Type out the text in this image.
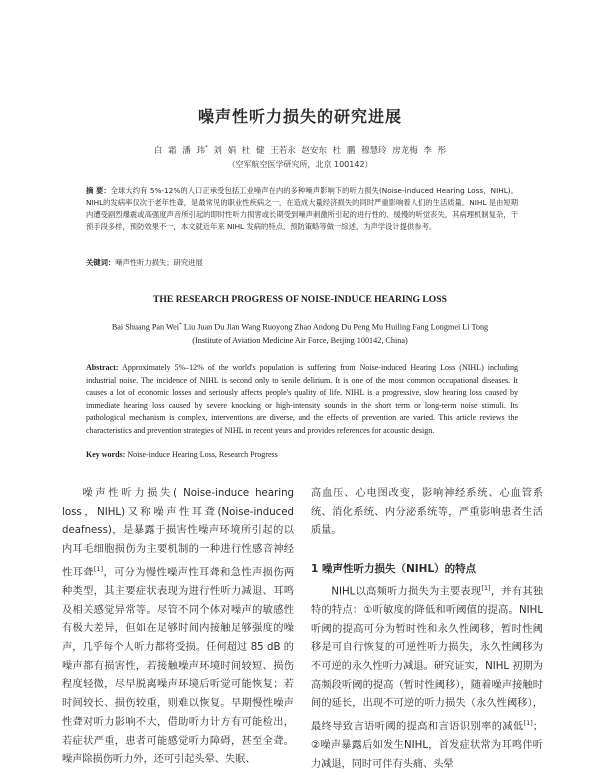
噪声性听力损失的研究进展
白 霜 潘 玮* 刘 娟 杜 健 王若永 赵安东 杜 鹏 穆慧玲 房龙梅 李 彤
（空军航空医学研究所，北京 100142）
摘 要：全球大约有 5%-12%的人口正承受包括工业噪声在内的多种噪声影响下的听力损失(Noise-induced Hearing Loss，NIHL)。NIHL的发病率仅次于老年性聋，是最常见的职业性疾病之一，在造成大量经济损失的同时严重影响着人们的生活质量。NIHL 是由短期内遭受剧烈爆震或高强度声音所引起的即时性听力损害或长期受到噪声刺激所引起的进行性的、缓慢的听觉丧失，其病理机制复杂，干预手段多样，预防效果不一，本文就近年来 NIHL 发病的特点、预防策略等做一综述，为声学设计提供参考。
关键词：噪声性听力损失；研究进展
THE RESEARCH PROGRESS OF NOISE-INDUCE HEARING LOSS
Bai Shuang Pan Wei* Liu Juan Du Jian Wang Ruoyong Zhao Andong Du Peng Mu Huiling Fang Longmei Li Tong
(Institute of Aviation Medicine Air Force, Beijing 100142, China)
Abstract: Approximately 5%–12% of the world's population is suffering from Noise-induced Hearing Loss (NIHL) including industrial noise. The incidence of NIHL is second only to senile delirium. It is one of the most common occupational diseases. It causes a lot of economic losses and seriously affects people's quality of life. NIHL is a progressive, slow hearing loss caused by immediate hearing loss caused by severe knocking or high-intensity sounds in the short term or long-term noise stimuli. Its pathological mechanism is complex, interventions are diverse, and the effects of prevention are varied. This article reviews the characteristics and prevention strategies of NIHL in recent years and provides references for acoustic design.
Key words: Noise-induce Hearing Loss, Research Progress

噪声性听力损失( Noise-induce hearing loss，NIHL)又称噪声性耳聋(Noise-induced deafness)，是暴露于损害性噪声环境所引起的以内耳毛细胞损伤为主要机制的一种进行性感音神经性耳聋[1]，可分为慢性噪声性耳聋和急性声损伤两种类型，其主要症状表现为进行性听力减退、耳鸣及相关感觉异常等。尽管不同个体对噪声的敏感性有极大差异，但如在足够时间内接触足够强度的噪声，几乎每个人听力都将受损。任何超过 85 dB 的噪声都有损害性，若接触噪声环境时间较短、损伤程度轻微，尽早脱离噪声环境后听觉可能恢复；若时间较长、损伤较重，则难以恢复。早期慢性噪声性聋对听力影响不大，借助听力计方有可能检出，若症状严重，患者可能感觉听力障碍，甚至全聋。噪声除损伤听力外，还可引起头晕、失眠、

高血压、心电图改变，影响神经系统、心血管系统、消化系统、内分泌系统等，严重影响患者生活质量。

1 噪声性听力损失（NIHL）的特点

NIHL以高频听力损失为主要表现[1]，并有其独特的特点：①听敏度的降低和听阈值的提高。NIHL 听阈的提高可分为暂时性和永久性阈移，暂时性阈移是可自行恢复的可逆性听力损失，永久性阈移为不可逆的永久性听力减退。研究证实，NIHL 初期为高频段听阈的提高（暂时性阈移），随着噪声接触时间的延长，出现不可逆的听力损失（永久性阈移），最终导致言语听阈的提高和言语识别率的减低[1]；②噪声暴露后如发生NIHL，首发症状常为耳鸣伴听力减退，同时可伴有头痛、头晕
